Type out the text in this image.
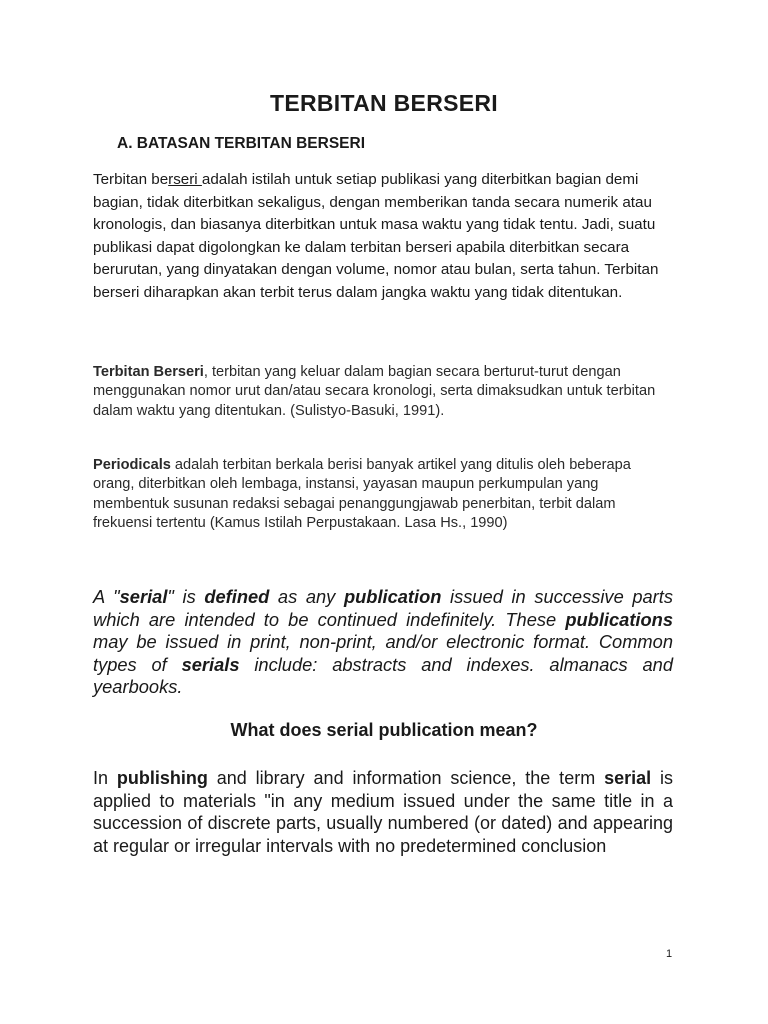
TERBITAN BERSERI
A. BATASAN TERBITAN BERSERI

Terbitan berseri adalah istilah untuk setiap publikasi yang diterbitkan bagian demi bagian, tidak diterbitkan sekaligus, dengan memberikan tanda secara numerik atau kronologis, dan biasanya diterbitkan untuk masa waktu yang tidak tentu. Jadi, suatu publikasi dapat digolongkan ke dalam terbitan berseri apabila diterbitkan secara berurutan, yang dinyatakan dengan volume, nomor atau bulan, serta tahun. Terbitan berseri diharapkan akan terbit terus dalam jangka waktu yang tidak ditentukan.

Terbitan Berseri, terbitan yang keluar dalam bagian secara berturut-turut dengan menggunakan nomor urut dan/atau secara kronologi, serta dimaksudkan untuk terbitan dalam waktu yang ditentukan. (Sulistyo-Basuki, 1991).

Periodicals adalah terbitan berkala berisi banyak artikel yang ditulis oleh beberapa orang, diterbitkan oleh lembaga, instansi, yayasan maupun perkumpulan yang membentuk susunan redaksi sebagai penanggungjawab penerbitan, terbit dalam frekuensi tertentu (Kamus Istilah Perpustakaan. Lasa Hs., 1990)

A "serial" is defined as any publication issued in successive parts which are intended to be continued indefinitely. These publications may be issued in print, non-print, and/or electronic format. Common types of serials include: abstracts and indexes. almanacs and yearbooks.

What does serial publication mean?

In publishing and library and information science, the term serial is applied to materials "in any medium issued under the same title in a succession of discrete parts, usually numbered (or dated) and appearing at regular or irregular intervals with no predetermined conclusion

1
